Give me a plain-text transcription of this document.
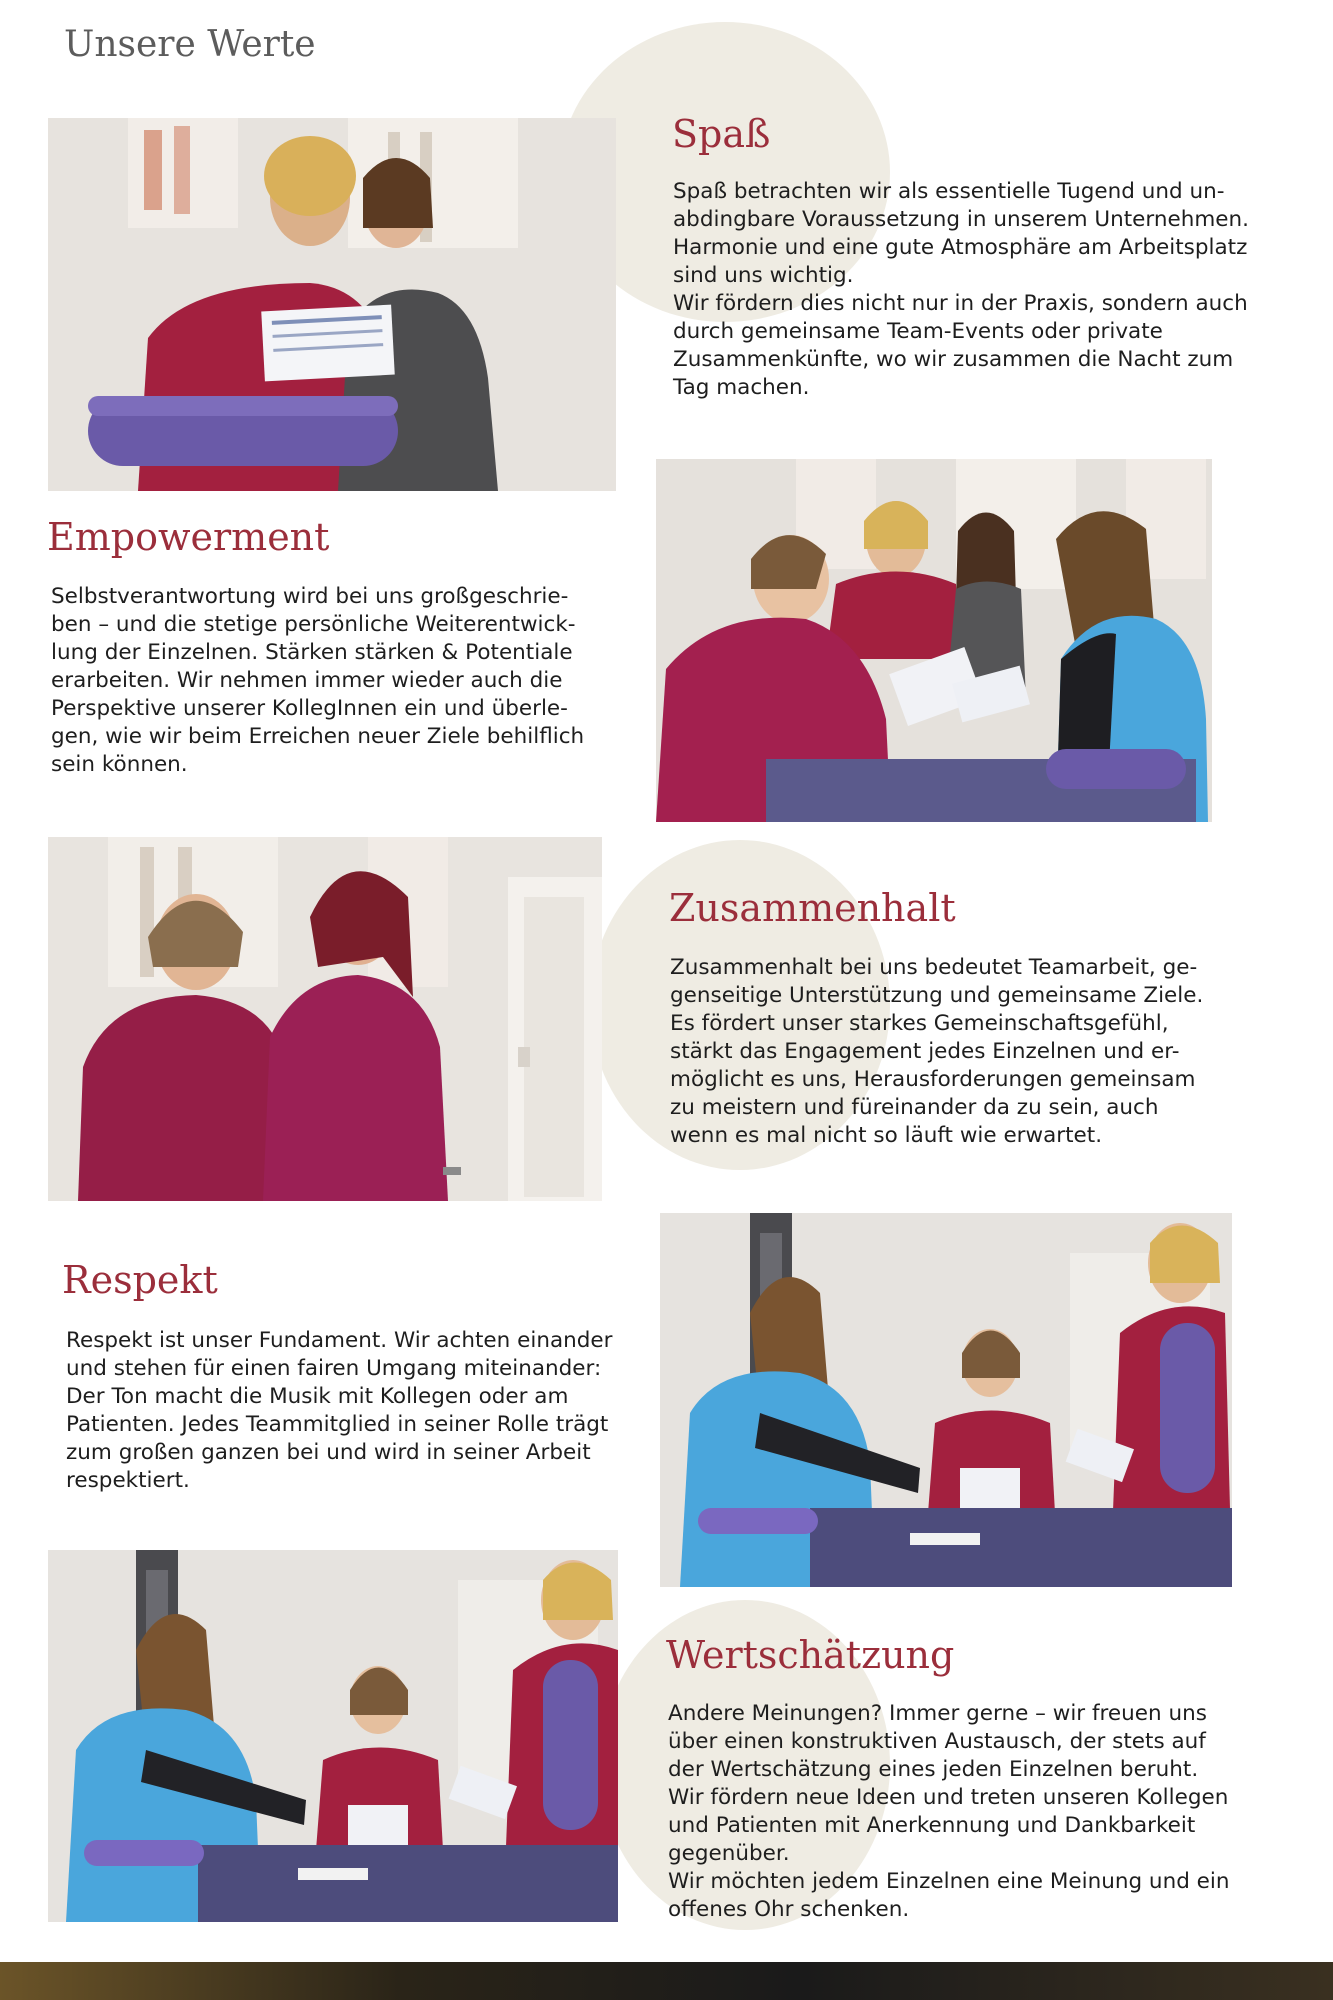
Unsere Werte
Spaß

Spaß betrachten wir als essentielle Tugend und un-
abdingbare Voraussetzung in unserem Unternehmen.
Harmonie und eine gute Atmosphäre am Arbeitsplatz
sind uns wichtig.
Wir fördern dies nicht nur in der Praxis, sondern auch
durch gemeinsame Team-Events oder private
Zusammenkünfte, wo wir zusammen die Nacht zum
Tag machen.

Empowerment

Selbstverantwortung wird bei uns großgeschrie-
ben – und die stetige persönliche Weiterentwick-
lung der Einzelnen. Stärken stärken & Potentiale
erarbeiten. Wir nehmen immer wieder auch die
Perspektive unserer KollegInnen ein und überle-
gen, wie wir beim Erreichen neuer Ziele behilflich
sein können.

Zusammenhalt

Zusammenhalt bei uns bedeutet Teamarbeit, ge-
genseitige Unterstützung und gemeinsame Ziele.
Es fördert unser starkes Gemeinschaftsgefühl,
stärkt das Engagement jedes Einzelnen und er-
möglicht es uns, Herausforderungen gemeinsam
zu meistern und füreinander da zu sein, auch
wenn es mal nicht so läuft wie erwartet.

Respekt

Respekt ist unser Fundament. Wir achten einander
und stehen für einen fairen Umgang miteinander:
Der Ton macht die Musik mit Kollegen oder am
Patienten. Jedes Teammitglied in seiner Rolle trägt
zum großen ganzen bei und wird in seiner Arbeit
respektiert.

Wertschätzung

Andere Meinungen? Immer gerne – wir freuen uns
über einen konstruktiven Austausch, der stets auf
der Wertschätzung eines jeden Einzelnen beruht.
Wir fördern neue Ideen und treten unseren Kollegen
und Patienten mit Anerkennung und Dankbarkeit
gegenüber.
Wir möchten jedem Einzelnen eine Meinung und ein
offenes Ohr schenken.
